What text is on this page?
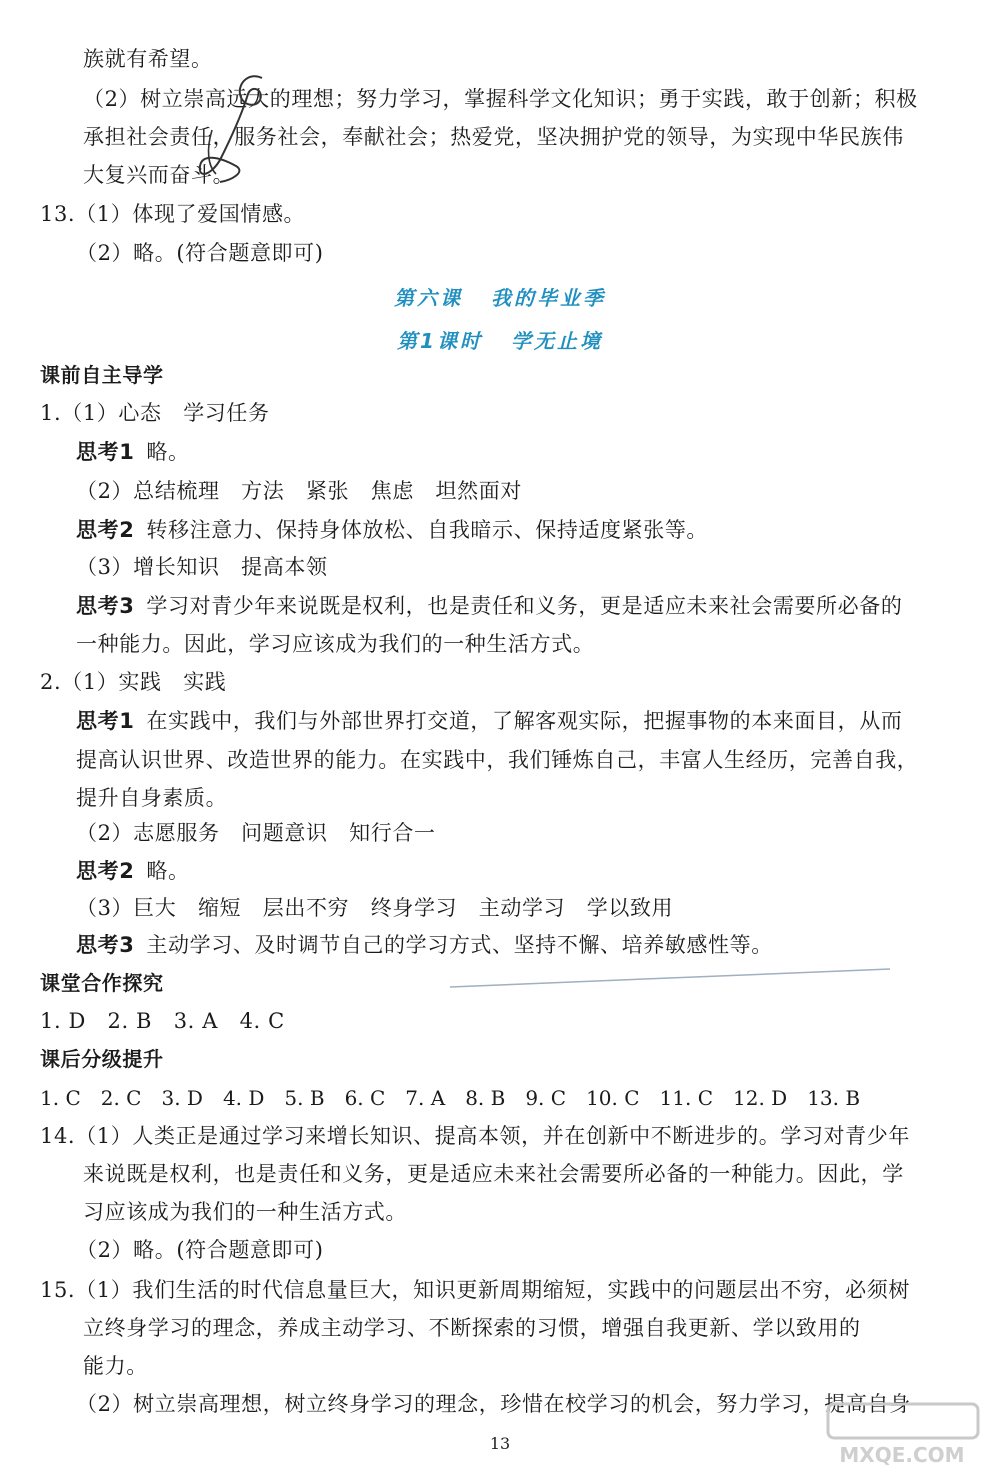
族就有希望。
（2）树立崇高远大的理想；努力学习，掌握科学文化知识；勇于实践，敢于创新；积极
承担社会责任，服务社会，奉献社会；热爱党，坚决拥护党的领导，为实现中华民族伟
大复兴而奋斗。
13.（1）体现了爱国情感。
（2）略。(符合题意即可)
第六课 我的毕业季
第1课时 学无止境
课前自主导学
1.（1）心态　学习任务
思考1 略。
（2）总结梳理　方法　紧张　焦虑　坦然面对
思考2 转移注意力、保持身体放松、自我暗示、保持适度紧张等。
（3）增长知识　提高本领
思考3 学习对青少年来说既是权利，也是责任和义务，更是适应未来社会需要所必备的
一种能力。因此，学习应该成为我们的一种生活方式。
2.（1）实践　实践
思考1 在实践中，我们与外部世界打交道，了解客观实际，把握事物的本来面目，从而
提高认识世界、改造世界的能力。在实践中，我们锤炼自己，丰富人生经历，完善自我，
提升自身素质。
（2）志愿服务　问题意识　知行合一
思考2 略。
（3）巨大　缩短　层出不穷　终身学习　主动学习　学以致用
思考3 主动学习、及时调节自己的学习方式、坚持不懈、培养敏感性等。
课堂合作探究
1. D　2. B　3. A　4. C
课后分级提升
1. C　2. C　3. D　4. D　5. B　6. C　7. A　8. B　9. C　10. C　11. C　12. D　13. B
14.（1）人类正是通过学习来增长知识、提高本领，并在创新中不断进步的。学习对青少年
来说既是权利，也是责任和义务，更是适应未来社会需要所必备的一种能力。因此，学
习应该成为我们的一种生活方式。
（2）略。(符合题意即可)
15.（1）我们生活的时代信息量巨大，知识更新周期缩短，实践中的问题层出不穷，必须树
立终身学习的理念，养成主动学习、不断探索的习惯，增强自我更新、学以致用的
能力。
（2）树立崇高理想，树立终身学习的理念，珍惜在校学习的机会，努力学习，提高自身
MXQE.COM
13
